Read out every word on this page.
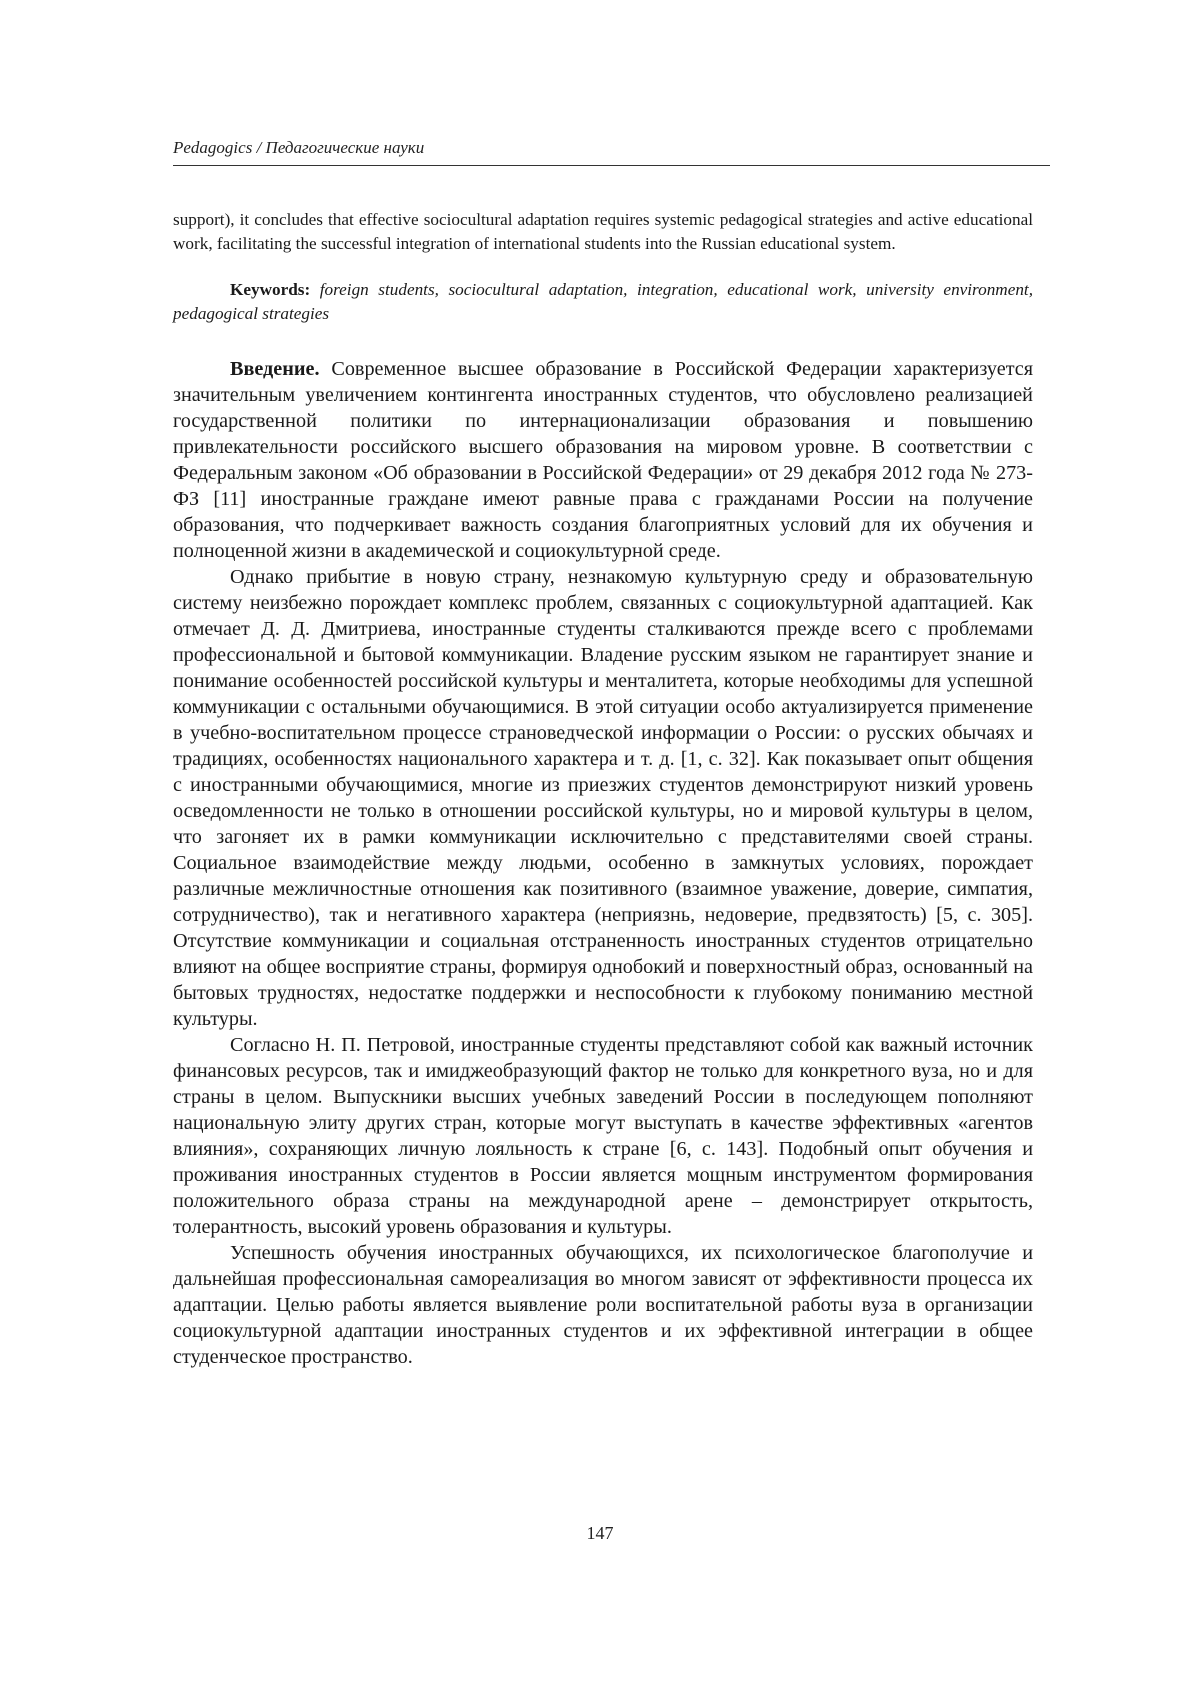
Pedagogics / Педагогические науки

support), it concludes that effective sociocultural adaptation requires systemic pedagogical strategies and active educational work, facilitating the successful integration of international students into the Russian educational system.

Keywords: foreign students, sociocultural adaptation, integration, educational work, university environment, pedagogical strategies

Введение. Современное высшее образование в Российской Федерации характеризуется значительным увеличением контингента иностранных студентов, что обусловлено реализацией государственной политики по интернационализации образования и повышению привлекательности российского высшего образования на мировом уровне. В соответствии с Федеральным законом «Об образовании в Российской Федерации» от 29 декабря 2012 года № 273-ФЗ [11] иностранные граждане имеют равные права с гражданами России на получение образования, что подчеркивает важность создания благоприятных условий для их обучения и полноценной жизни в академической и социокультурной среде.

Однако прибытие в новую страну, незнакомую культурную среду и образовательную систему неизбежно порождает комплекс проблем, связанных с социокультурной адаптацией. Как отмечает Д. Д. Дмитриева, иностранные студенты сталкиваются прежде всего с проблемами профессиональной и бытовой коммуникации. Владение русским языком не гарантирует знание и понимание особенностей российской культуры и менталитета, которые необходимы для успешной коммуникации с остальными обучающимися. В этой ситуации особо актуализируется применение в учебно-воспитательном процессе страноведческой информации о России: о русских обычаях и традициях, особенностях национального характера и т. д. [1, с. 32]. Как показывает опыт общения с иностранными обучающимися, многие из приезжих студентов демонстрируют низкий уровень осведомленности не только в отношении российской культуры, но и мировой культуры в целом, что загоняет их в рамки коммуникации исключительно с представителями своей страны. Социальное взаимодействие между людьми, особенно в замкнутых условиях, порождает различные межличностные отношения как позитивного (взаимное уважение, доверие, симпатия, сотрудничество), так и негативного характера (неприязнь, недоверие, предвзятость) [5, с. 305]. Отсутствие коммуникации и социальная отстраненность иностранных студентов отрицательно влияют на общее восприятие страны, формируя однобокий и поверхностный образ, основанный на бытовых трудностях, недостатке поддержки и неспособности к глубокому пониманию местной культуры.

Согласно Н. П. Петровой, иностранные студенты представляют собой как важный источник финансовых ресурсов, так и имиджеобразующий фактор не только для конкретного вуза, но и для страны в целом. Выпускники высших учебных заведений России в последующем пополняют национальную элиту других стран, которые могут выступать в качестве эффективных «агентов влияния», сохраняющих личную лояльность к стране [6, с. 143]. Подобный опыт обучения и проживания иностранных студентов в России является мощным инструментом формирования положительного образа страны на международной арене – демонстрирует открытость, толерантность, высокий уровень образования и культуры.

Успешность обучения иностранных обучающихся, их психологическое благополучие и дальнейшая профессиональная самореализация во многом зависят от эффективности процесса их адаптации. Целью работы является выявление роли воспитательной работы вуза в организации социокультурной адаптации иностранных студентов и их эффективной интеграции в общее студенческое пространство.

147
